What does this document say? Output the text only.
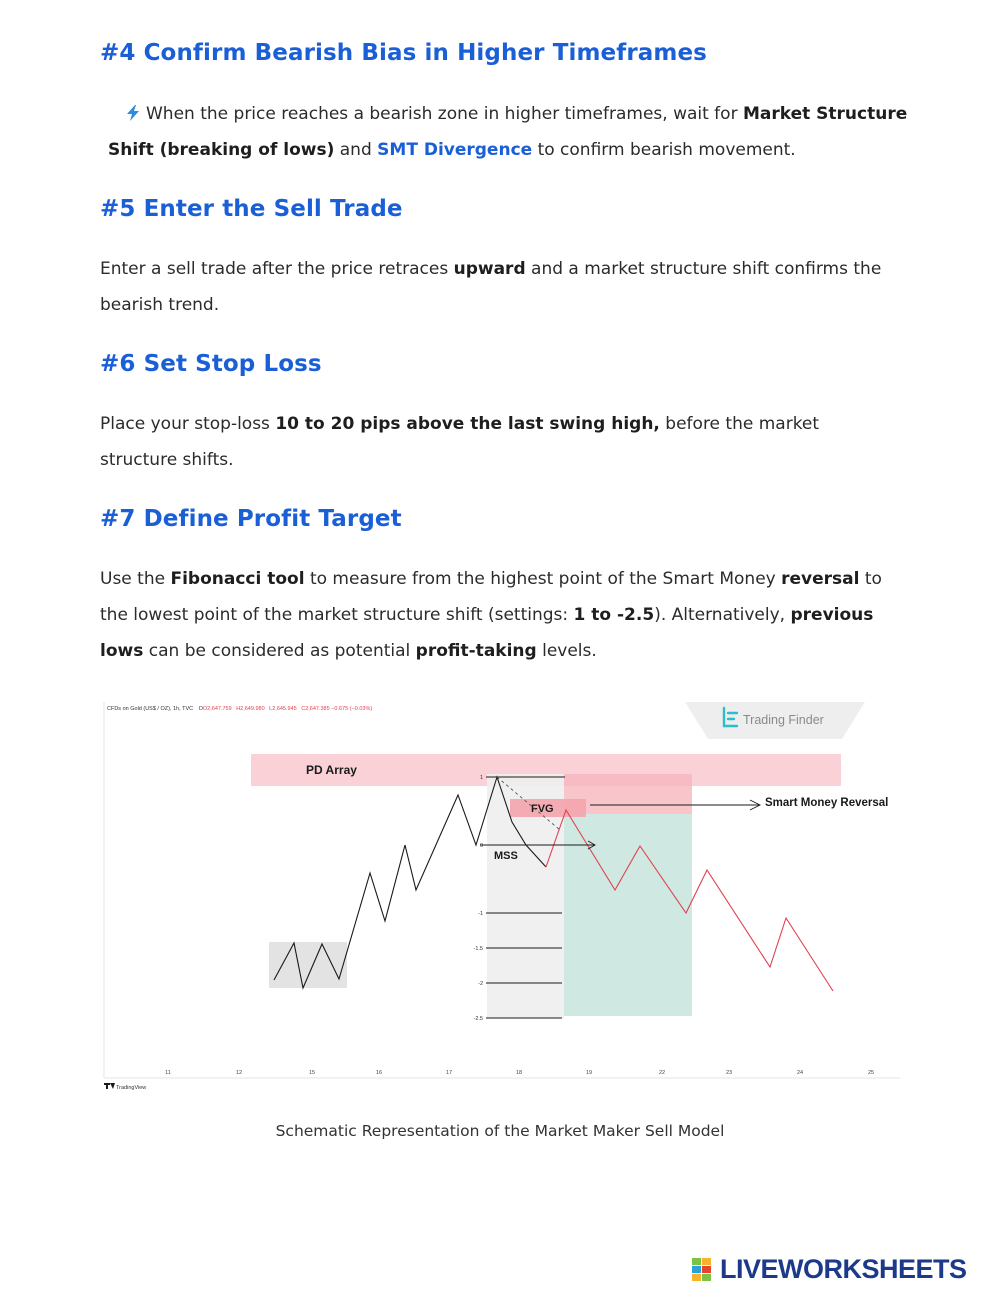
#4 Confirm Bearish Bias in Higher Timeframes
When the price reaches a bearish zone in higher timeframes, wait for Market Structure Shift (breaking of lows) and SMT Divergence to confirm bearish movement.
#5 Enter the Sell Trade
Enter a sell trade after the price retraces upward and a market structure shift confirms the bearish trend.
#6 Set Stop Loss
Place your stop-loss 10 to 20 pips above the last swing high, before the market structure shifts.
#7 Define Profit Target
Use the Fibonacci tool to measure from the highest point of the Smart Money reversal to the lowest point of the market structure shift (settings: 1 to -2.5). Alternatively, previous lows can be considered as potential profit-taking levels.
CFDs on Gold (US$ / OZ), 1h, TVC OO2,647.759 H2,649.980 L2,645.945 C2,647.385 −0.675 (−0.03%)
Trading Finder
PD Array
FVG
1
0
-1
-1.5
-2
-2.5
MSS
Smart Money Reversal
11	12	15	16	17	18	19	22	23	24	25
TradingView
Schematic Representation of the Market Maker Sell Model
LIVEWORKSHEETS
